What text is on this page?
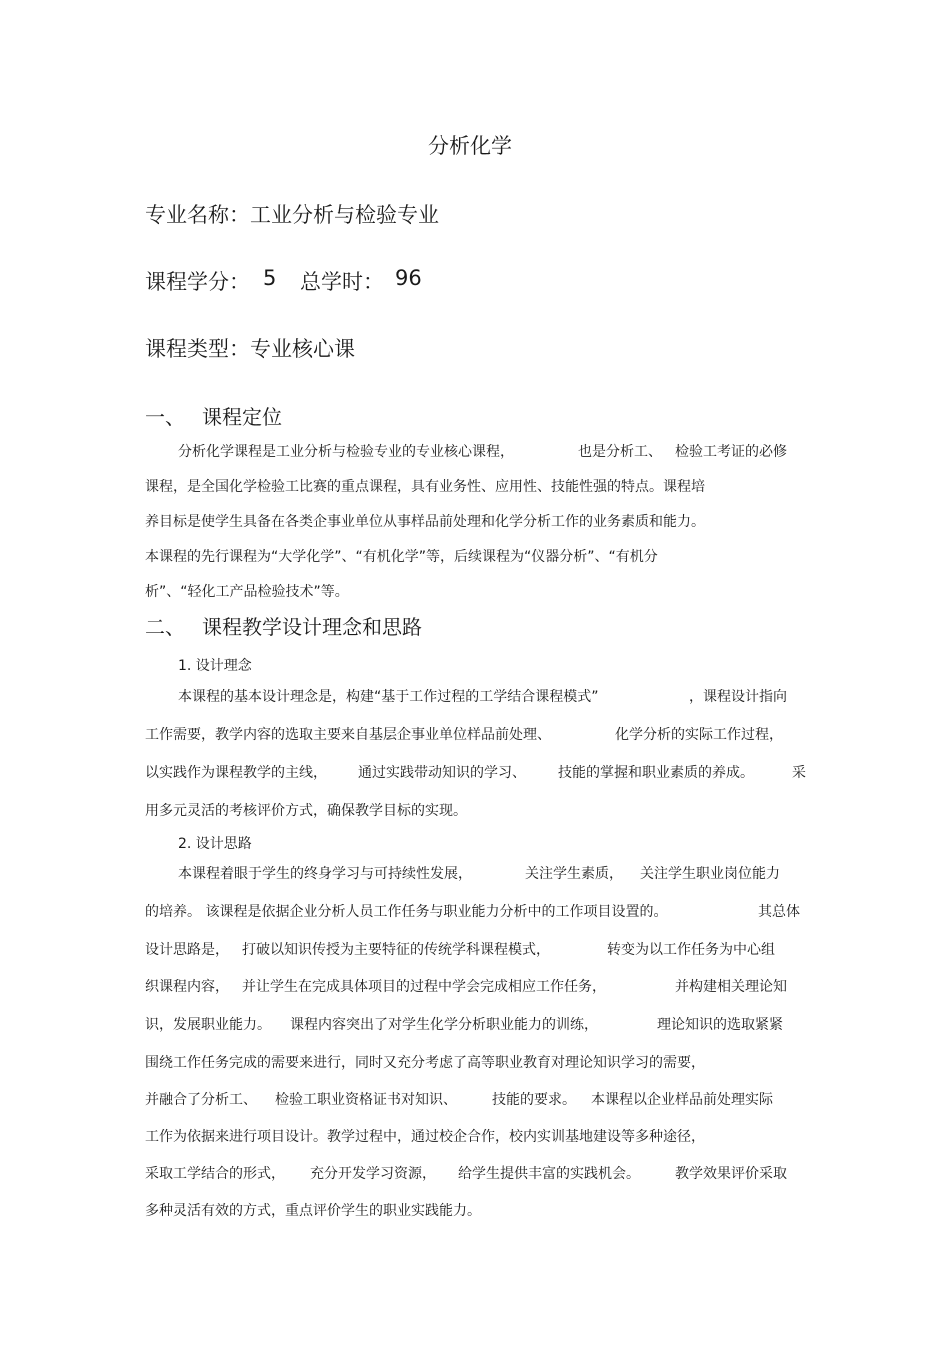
分析化学
专业名称：工业分析与检验专业
课程学分： 5 总学时： 96
课程类型：专业核心课
一、 课程定位
分析化学课程是工业分析与检验专业的专业核心课程，	也是分析工、 检验工考证的必修
课程，是全国化学检验工比赛的重点课程，具有业务性、应用性、技能性强的特点。课程培
养目标是使学生具备在各类企事业单位从事样品前处理和化学分析工作的业务素质和能力。
本课程的先行课程为“大学化学”、“有机化学”等，后续课程为“仪器分析”、“有机分
析”、“轻化工产品检验技术”等。
二、 课程教学设计理念和思路
1. 设计理念
本课程的基本设计理念是，构建“基于工作过程的工学结合课程模式”	，课程设计指向
工作需要，教学内容的选取主要来自基层企事业单位样品前处理、	化学分析的实际工作过程，
以实践作为课程教学的主线， 通过实践带动知识的学习、 技能的掌握和职业素质的养成。	采
用多元灵活的考核评价方式，确保教学目标的实现。
2. 设计思路
本课程着眼于学生的终身学习与可持续性发展，	关注学生素质， 关注学生职业岗位能力
的培养。 该课程是依据企业分析人员工作任务与职业能力分析中的工作项目设置的。	其总体
设计思路是， 打破以知识传授为主要特征的传统学科课程模式，	转变为以工作任务为中心组
织课程内容， 并让学生在完成具体项目的过程中学会完成相应工作任务，	并构建相关理论知
识，发展职业能力。 课程内容突出了对学生化学分析职业能力的训练，	理论知识的选取紧紧
围绕工作任务完成的需要来进行，同时又充分考虑了高等职业教育对理论知识学习的需要，
并融合了分析工、 检验工职业资格证书对知识、	技能的要求。 本课程以企业样品前处理实际
工作为依据来进行项目设计。教学过程中，通过校企合作，校内实训基地建设等多种途径，
采取工学结合的形式， 充分开发学习资源， 给学生提供丰富的实践机会。	教学效果评价采取
多种灵活有效的方式，重点评价学生的职业实践能力。
